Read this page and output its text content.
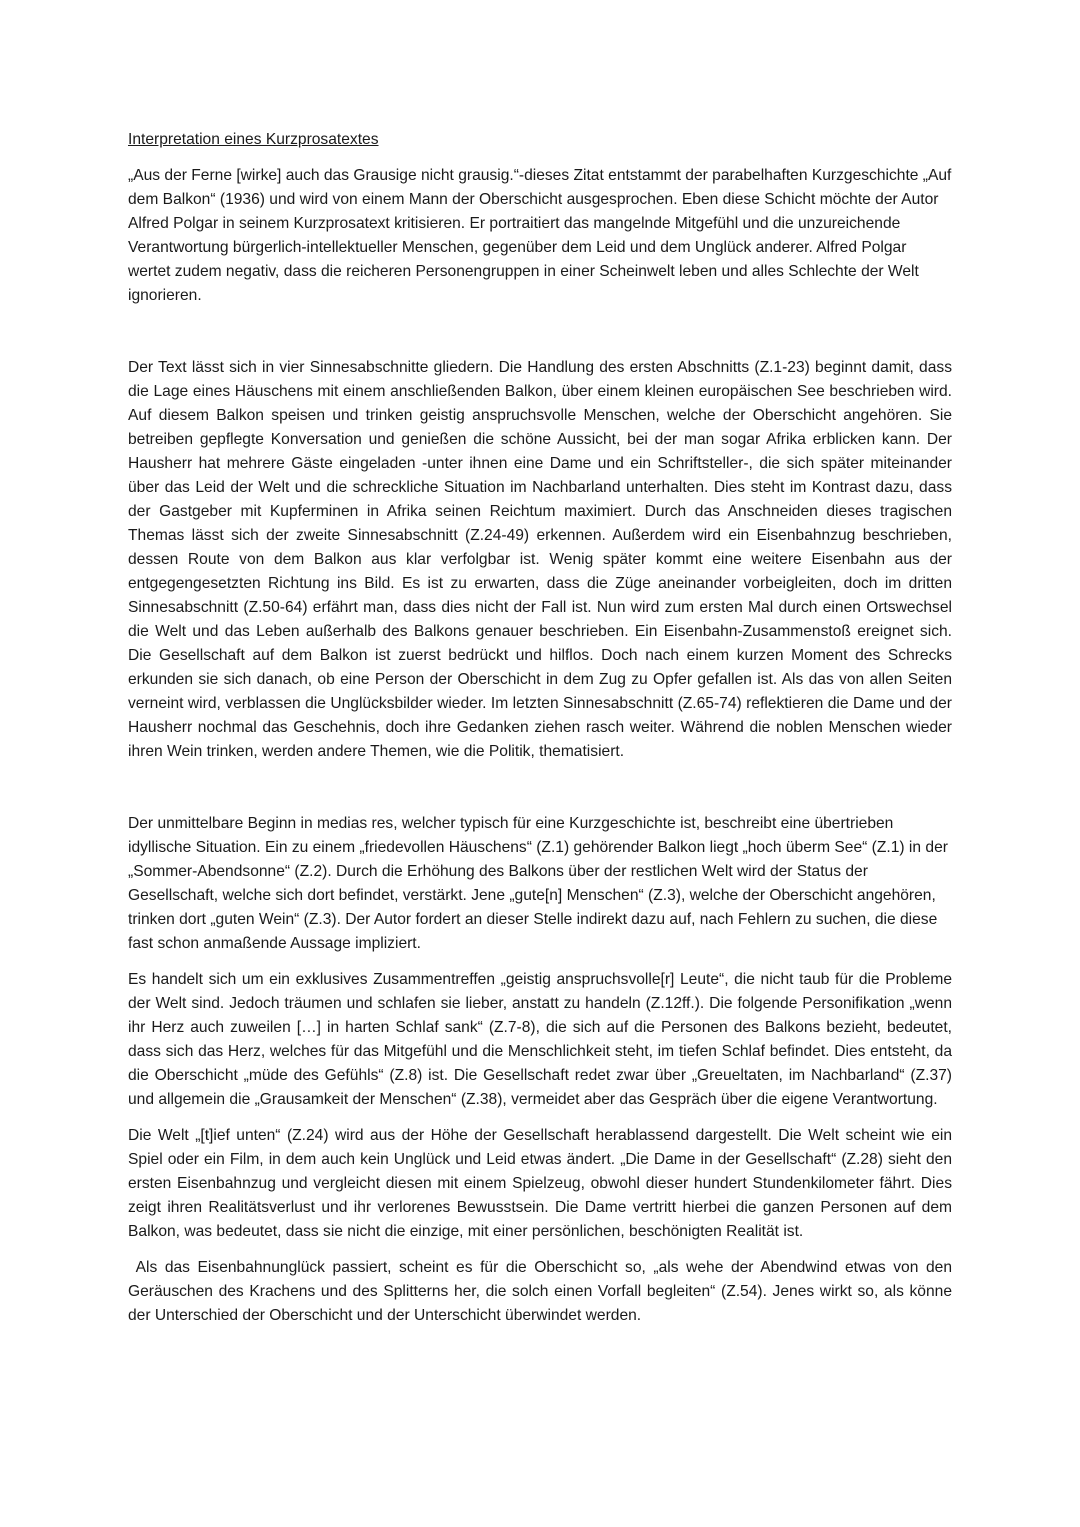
Interpretation eines Kurzprosatextes

„Aus der Ferne [wirke] auch das Grausige nicht grausig.“-dieses Zitat entstammt der parabelhaften Kurzgeschichte „Auf dem Balkon“ (1936) und wird von einem Mann der Oberschicht ausgesprochen. Eben diese Schicht möchte der Autor Alfred Polgar in seinem Kurzprosatext kritisieren. Er portraitiert das mangelnde Mitgefühl und die unzureichende Verantwortung bürgerlich-intellektueller Menschen, gegenüber dem Leid und dem Unglück anderer. Alfred Polgar wertet zudem negativ, dass die reicheren Personengruppen in einer Scheinwelt leben und alles Schlechte der Welt ignorieren.

Der Text lässt sich in vier Sinnesabschnitte gliedern. Die Handlung des ersten Abschnitts (Z.1-23) beginnt damit, dass die Lage eines Häuschens mit einem anschließenden Balkon, über einem kleinen europäischen See beschrieben wird. Auf diesem Balkon speisen und trinken geistig anspruchsvolle Menschen, welche der Oberschicht angehören. Sie betreiben gepflegte Konversation und genießen die schöne Aussicht, bei der man sogar Afrika erblicken kann. Der Hausherr hat mehrere Gäste eingeladen -unter ihnen eine Dame und ein Schriftsteller-, die sich später miteinander über das Leid der Welt und die schreckliche Situation im Nachbarland unterhalten. Dies steht im Kontrast dazu, dass der Gastgeber mit Kupferminen in Afrika seinen Reichtum maximiert. Durch das Anschneiden dieses tragischen Themas lässt sich der zweite Sinnesabschnitt (Z.24-49) erkennen. Außerdem wird ein Eisenbahnzug beschrieben, dessen Route von dem Balkon aus klar verfolgbar ist. Wenig später kommt eine weitere Eisenbahn aus der entgegengesetzten Richtung ins Bild. Es ist zu erwarten, dass die Züge aneinander vorbeigleiten, doch im dritten Sinnesabschnitt (Z.50-64) erfährt man, dass dies nicht der Fall ist. Nun wird zum ersten Mal durch einen Ortswechsel die Welt und das Leben außerhalb des Balkons genauer beschrieben. Ein Eisenbahn-Zusammenstoß ereignet sich. Die Gesellschaft auf dem Balkon ist zuerst bedrückt und hilflos. Doch nach einem kurzen Moment des Schrecks erkunden sie sich danach, ob eine Person der Oberschicht in dem Zug zu Opfer gefallen ist. Als das von allen Seiten verneint wird, verblassen die Unglücksbilder wieder. Im letzten Sinnesabschnitt (Z.65-74) reflektieren die Dame und der Hausherr nochmal das Geschehnis, doch ihre Gedanken ziehen rasch weiter. Während die noblen Menschen wieder ihren Wein trinken, werden andere Themen, wie die Politik, thematisiert.

Der unmittelbare Beginn in medias res, welcher typisch für eine Kurzgeschichte ist, beschreibt eine übertrieben idyllische Situation. Ein zu einem „friedevollen Häuschens“ (Z.1) gehörender Balkon liegt „hoch überm See“ (Z.1) in der „Sommer-Abendsonne“ (Z.2). Durch die Erhöhung des Balkons über der restlichen Welt wird der Status der Gesellschaft, welche sich dort befindet, verstärkt. Jene „gute[n] Menschen“ (Z.3), welche der Oberschicht angehören, trinken dort „guten Wein“ (Z.3). Der Autor fordert an dieser Stelle indirekt dazu auf, nach Fehlern zu suchen, die diese fast schon anmaßende Aussage impliziert.

Es handelt sich um ein exklusives Zusammentreffen „geistig anspruchsvolle[r] Leute“, die nicht taub für die Probleme der Welt sind. Jedoch träumen und schlafen sie lieber, anstatt zu handeln (Z.12ff.). Die folgende Personifikation „wenn ihr Herz auch zuweilen […] in harten Schlaf sank“ (Z.7-8), die sich auf die Personen des Balkons bezieht, bedeutet, dass sich das Herz, welches für das Mitgefühl und die Menschlichkeit steht, im tiefen Schlaf befindet. Dies entsteht, da die Oberschicht „müde des Gefühls“ (Z.8) ist. Die Gesellschaft redet zwar über „Greueltaten, im Nachbarland“ (Z.37) und allgemein die „Grausamkeit der Menschen“ (Z.38), vermeidet aber das Gespräch über die eigene Verantwortung.

Die Welt „[t]ief unten“ (Z.24) wird aus der Höhe der Gesellschaft herablassend dargestellt. Die Welt scheint wie ein Spiel oder ein Film, in dem auch kein Unglück und Leid etwas ändert. „Die Dame in der Gesellschaft“ (Z.28) sieht den ersten Eisenbahnzug und vergleicht diesen mit einem Spielzeug, obwohl dieser hundert Stundenkilometer fährt. Dies zeigt ihren Realitätsverlust und ihr verlorenes Bewusstsein. Die Dame vertritt hierbei die ganzen Personen auf dem Balkon, was bedeutet, dass sie nicht die einzige, mit einer persönlichen, beschönigten Realität ist.

Als das Eisenbahnunglück passiert, scheint es für die Oberschicht so, „als wehe der Abendwind etwas von den Geräuschen des Krachens und des Splitterns her, die solch einen Vorfall begleiten“ (Z.54). Jenes wirkt so, als könne der Unterschied der Oberschicht und der Unterschicht überwindet werden.
